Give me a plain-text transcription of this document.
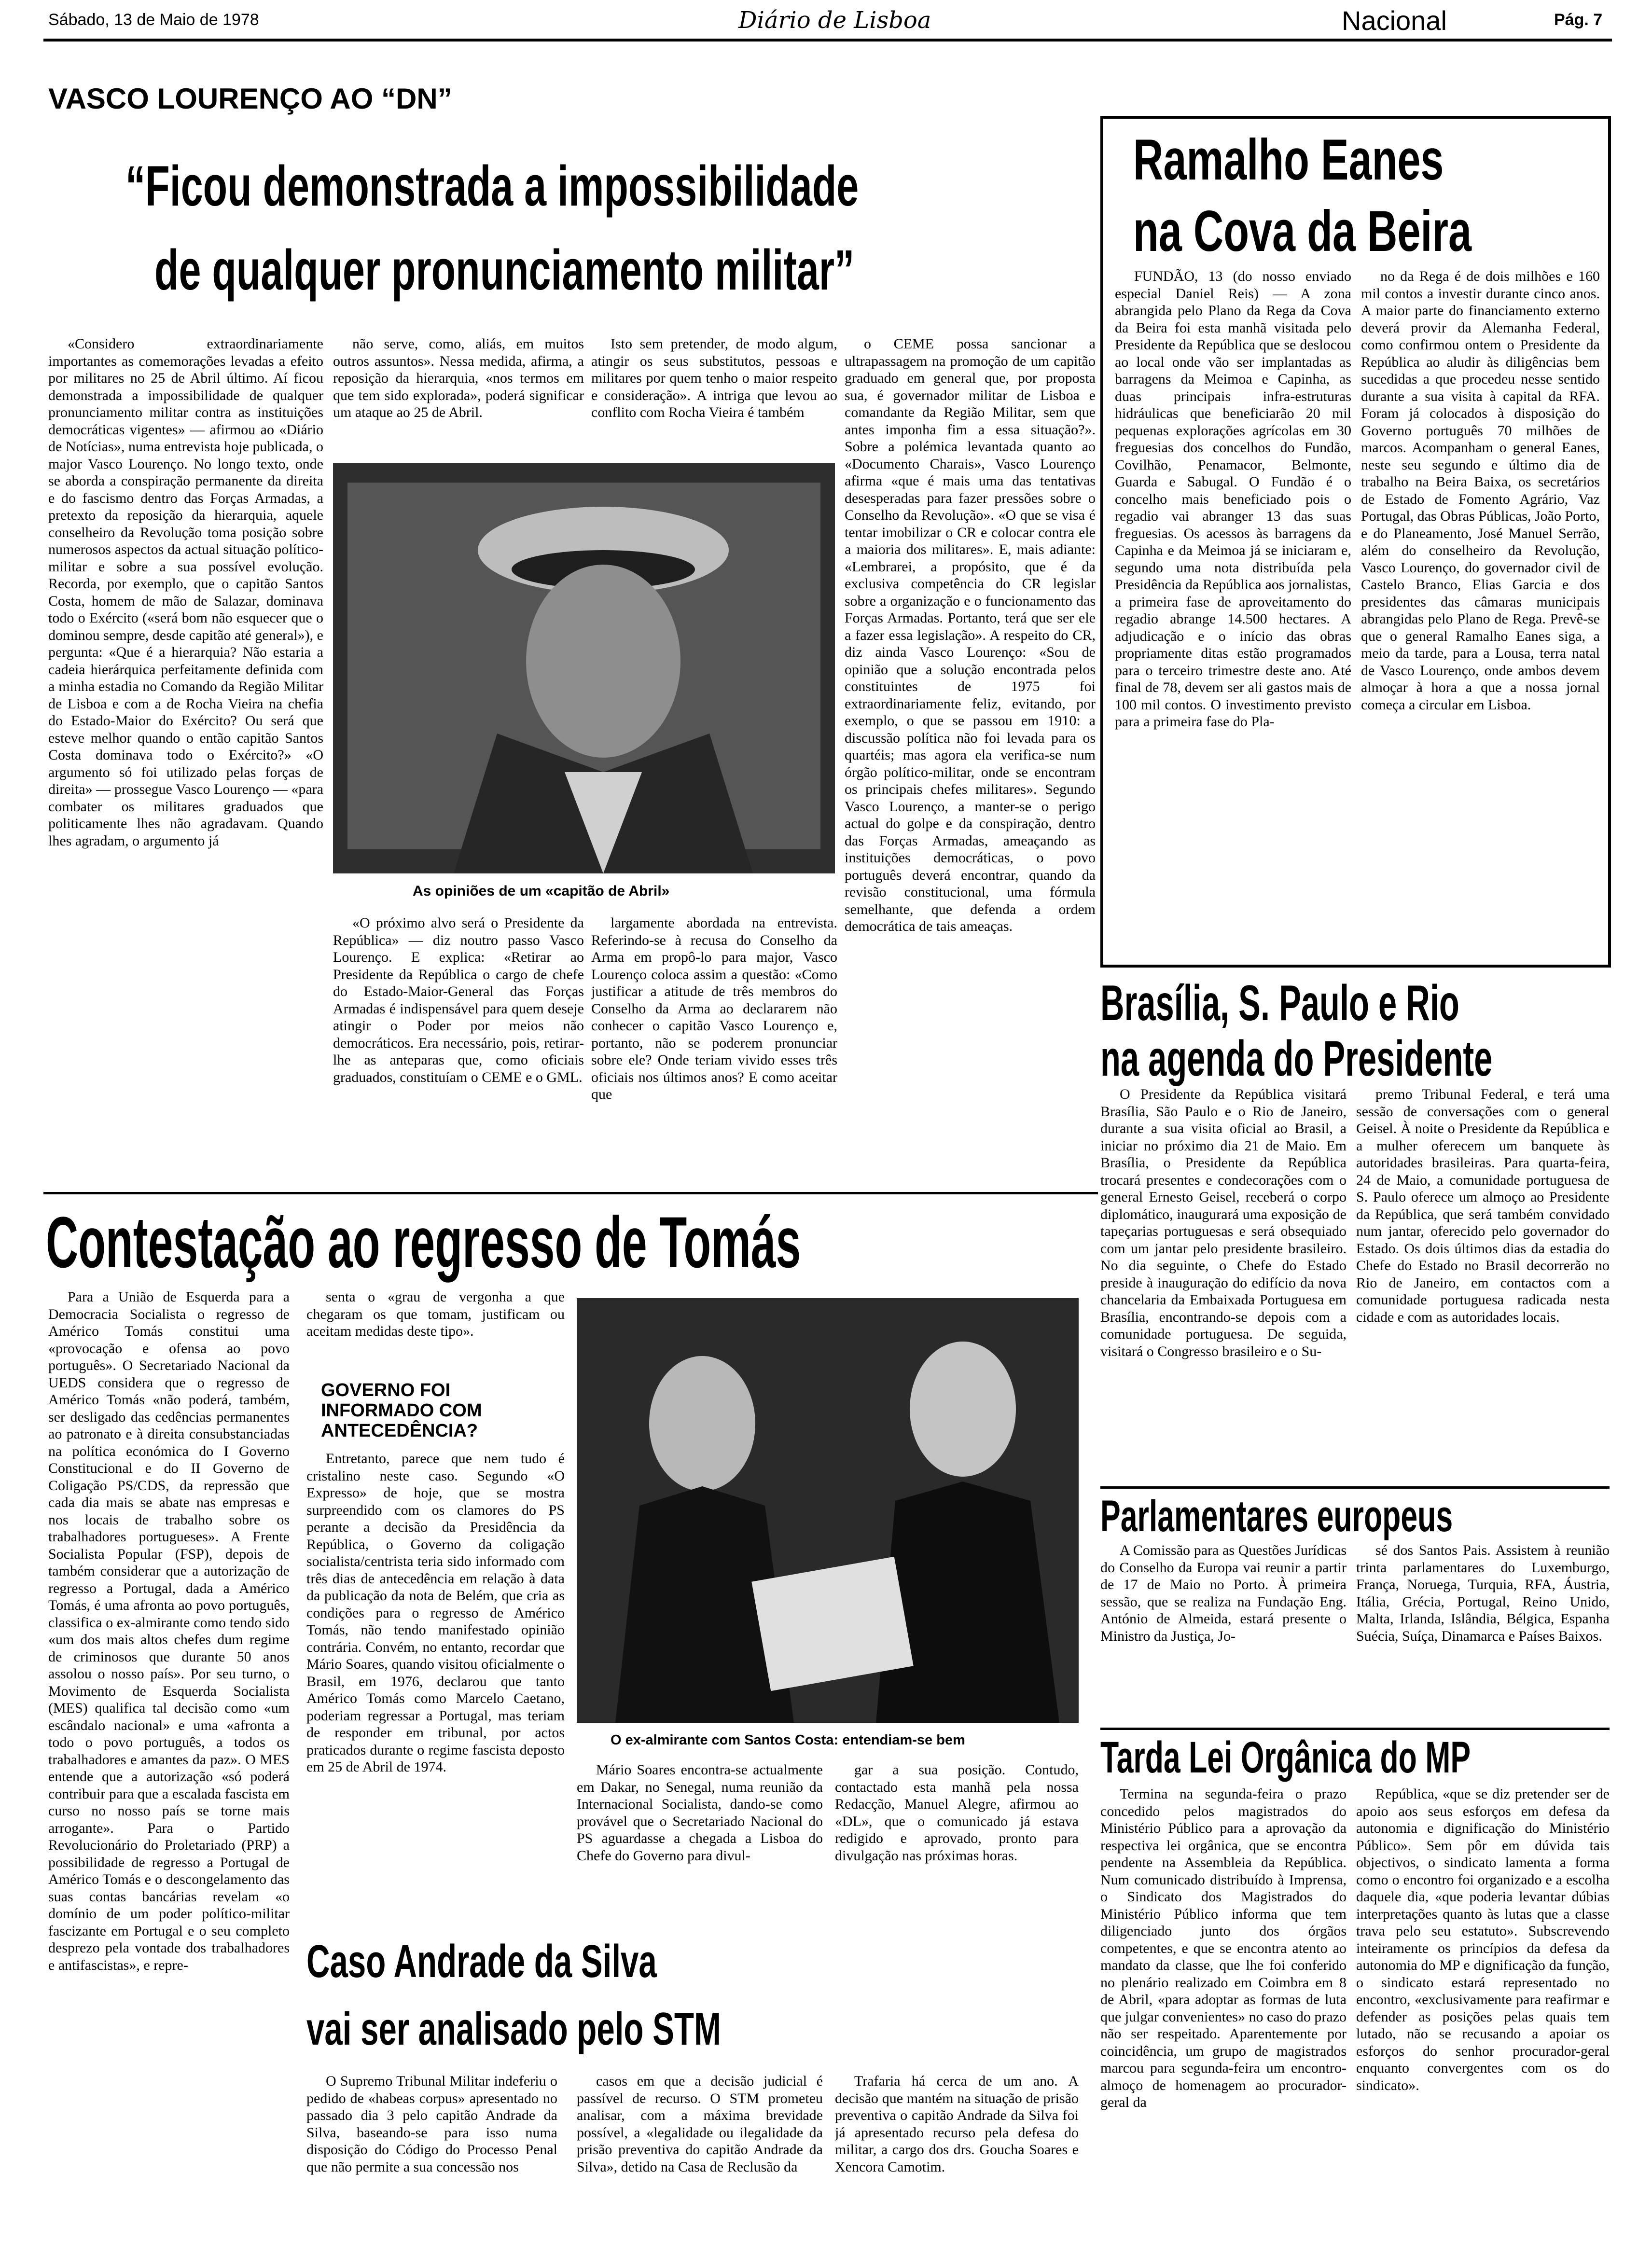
Sábado, 13 de Maio de 1978	Diário de Lisboa	Nacional	Pág. 7
VASCO LOURENÇO AO “DN”
“Ficou demonstrada a impossibilidade
de qualquer pronunciamento militar”

«Considero extraordinariamente importantes as comemorações levadas a efeito por militares no 25 de Abril último. Aí ficou demonstrada a impossibilidade de qualquer pronunciamento militar contra as instituições democráticas vigentes» — afirmou ao «Diário de Notícias», numa entrevista hoje publicada, o major Vasco Lourenço. No longo texto, onde se aborda a conspiração permanente da direita e do fascismo dentro das Forças Armadas, a pretexto da reposição da hierarquia, aquele conselheiro da Revolução toma posição sobre numerosos aspectos da actual situação político-militar e sobre a sua possível evolução. Recorda, por exemplo, que o capitão Santos Costa, homem de mão de Salazar, dominava todo o Exército («será bom não esquecer que o dominou sempre, desde capitão até general»), e pergunta: «Que é a hierarquia? Não estaria a cadeia hierárquica perfeitamente definida com a minha estadia no Comando da Região Militar de Lisboa e com a de Rocha Vieira na chefia do Estado-Maior do Exército? Ou será que esteve melhor quando o então capitão Santos Costa dominava todo o Exército?» «O argumento só foi utilizado pelas forças de direita» — prossegue Vasco Lourenço — «para combater os militares graduados que politicamente lhes não agradavam. Quando lhes agradam, o argumento já

não serve, como, aliás, em muitos outros assuntos». Nessa medida, afirma, a reposição da hierarquia, «nos termos em que tem sido explorada», poderá significar um ataque ao 25 de Abril.

Isto sem pretender, de modo algum, atingir os seus substitutos, pessoas e militares por quem tenho o maior respeito e consideração». A intriga que levou ao conflito com Rocha Vieira é também

As opiniões de um «capitão de Abril»

«O próximo alvo será o Presidente da República» — diz noutro passo Vasco Lourenço. E explica: «Retirar ao Presidente da República o cargo de chefe do Estado-Maior-General das Forças Armadas é indispensável para quem deseje atingir o Poder por meios não democráticos. Era necessário, pois, retirar-lhe as anteparas que, como oficiais graduados, constituíam o CEME e o GML.

largamente abordada na entrevista. Referindo-se à recusa do Conselho da Arma em propô-lo para major, Vasco Lourenço coloca assim a questão: «Como justificar a atitude de três membros do Conselho da Arma ao declararem não conhecer o capitão Vasco Lourenço e, portanto, não se poderem pronunciar sobre ele? Onde teriam vivido esses três oficiais nos últimos anos? E como aceitar que

o CEME possa sancionar a ultrapassagem na promoção de um capitão graduado em general que, por proposta sua, é governador militar de Lisboa e comandante da Região Militar, sem que antes imponha fim a essa situação?». Sobre a polémica levantada quanto ao «Documento Charais», Vasco Lourenço afirma «que é mais uma das tentativas desesperadas para fazer pressões sobre o Conselho da Revolução». «O que se visa é tentar imobilizar o CR e colocar contra ele a maioria dos militares». E, mais adiante: «Lembrarei, a propósito, que é da exclusiva competência do CR legislar sobre a organização e o funcionamento das Forças Armadas. Portanto, terá que ser ele a fazer essa legislação». A respeito do CR, diz ainda Vasco Lourenço: «Sou de opinião que a solução encontrada pelos constituintes de 1975 foi extraordinariamente feliz, evitando, por exemplo, o que se passou em 1910: a discussão política não foi levada para os quartéis; mas agora ela verifica-se num órgão político-militar, onde se encontram os principais chefes militares». Segundo Vasco Lourenço, a manter-se o perigo actual do golpe e da conspiração, dentro das Forças Armadas, ameaçando as instituições democráticas, o povo português deverá encontrar, quando da revisão constitucional, uma fórmula semelhante, que defenda a ordem democrática de tais ameaças.

Ramalho Eanes
na Cova da Beira

FUNDÃO, 13 (do nosso enviado especial Daniel Reis) — A zona abrangida pelo Plano da Rega da Cova da Beira foi esta manhã visitada pelo Presidente da República que se deslocou ao local onde vão ser implantadas as barragens da Meimoa e Capinha, as duas principais infra-estruturas hidráulicas que beneficiarão 20 mil pequenas explorações agrícolas em 30 freguesias dos concelhos do Fundão, Covilhão, Penamacor, Belmonte, Guarda e Sabugal. O Fundão é o concelho mais beneficiado pois o regadio vai abranger 13 das suas freguesias. Os acessos às barragens da Capinha e da Meimoa já se iniciaram e, segundo uma nota distribuída pela Presidência da República aos jornalistas, a primeira fase de aproveitamento do regadio abrange 14.500 hectares. A adjudicação e o início das obras propriamente ditas estão programados para o terceiro trimestre deste ano. Até final de 78, devem ser ali gastos mais de 100 mil contos. O investimento previsto para a primeira fase do Pla-

no da Rega é de dois milhões e 160 mil contos a investir durante cinco anos. A maior parte do financiamento externo deverá provir da Alemanha Federal, como confirmou ontem o Presidente da República ao aludir às diligências bem sucedidas a que procedeu nesse sentido durante a sua visita à capital da RFA. Foram já colocados à disposição do Governo português 70 milhões de marcos. Acompanham o general Eanes, neste seu segundo e último dia de trabalho na Beira Baixa, os secretários de Estado de Fomento Agrário, Vaz Portugal, das Obras Públicas, João Porto, e do Planeamento, José Manuel Serrão, além do conselheiro da Revolução, Vasco Lourenço, do governador civil de Castelo Branco, Elias Garcia e dos presidentes das câmaras municipais abrangidas pelo Plano de Rega. Prevê-se que o general Ramalho Eanes siga, a meio da tarde, para a Lousa, terra natal de Vasco Lourenço, onde ambos devem almoçar à hora a que a nossa jornal começa a circular em Lisboa.

Brasília, S. Paulo e Rio
na agenda do Presidente

O Presidente da República visitará Brasília, São Paulo e o Rio de Janeiro, durante a sua visita oficial ao Brasil, a iniciar no próximo dia 21 de Maio. Em Brasília, o Presidente da República trocará presentes e condecorações com o general Ernesto Geisel, receberá o corpo diplomático, inaugurará uma exposição de tapeçarias portuguesas e será obsequiado com um jantar pelo presidente brasileiro. No dia seguinte, o Chefe do Estado preside à inauguração do edifício da nova chancelaria da Embaixada Portuguesa em Brasília, encontrando-se depois com a comunidade portuguesa. De seguida, visitará o Congresso brasileiro e o Su-

premo Tribunal Federal, e terá uma sessão de conversações com o general Geisel. À noite o Presidente da República e a mulher oferecem um banquete às autoridades brasileiras. Para quarta-feira, 24 de Maio, a comunidade portuguesa de S. Paulo oferece um almoço ao Presidente da República, que será também convidado num jantar, oferecido pelo governador do Estado. Os dois últimos dias da estadia do Chefe do Estado no Brasil decorrerão no Rio de Janeiro, em contactos com a comunidade portuguesa radicada nesta cidade e com as autoridades locais.

Contestação ao regresso de Tomás

Para a União de Esquerda para a Democracia Socialista o regresso de Américo Tomás constitui uma «provocação e ofensa ao povo português». O Secretariado Nacional da UEDS considera que o regresso de Américo Tomás «não poderá, também, ser desligado das cedências permanentes ao patronato e à direita consubstanciadas na política económica do I Governo Constitucional e do II Governo de Coligação PS/CDS, da repressão que cada dia mais se abate nas empresas e nos locais de trabalho sobre os trabalhadores portugueses». A Frente Socialista Popular (FSP), depois de também considerar que a autorização de regresso a Portugal, dada a Américo Tomás, é uma afronta ao povo português, classifica o ex-almirante como tendo sido «um dos mais altos chefes dum regime de criminosos que durante 50 anos assolou o nosso país». Por seu turno, o Movimento de Esquerda Socialista (MES) qualifica tal decisão como «um escândalo nacional» e uma «afronta a todo o povo português, a todos os trabalhadores e amantes da paz». O MES entende que a autorização «só poderá contribuir para que a escalada fascista em curso no nosso país se torne mais arrogante». Para o Partido Revolucionário do Proletariado (PRP) a possibilidade de regresso a Portugal de Américo Tomás e o descongelamento das suas contas bancárias revelam «o domínio de um poder político-militar fascizante em Portugal e o seu completo desprezo pela vontade dos trabalhadores e antifascistas», e repre-

senta o «grau de vergonha a que chegaram os que tomam, justificam ou aceitam medidas deste tipo».

GOVERNO FOI INFORMADO COM ANTECEDÊNCIA?

Entretanto, parece que nem tudo é cristalino neste caso. Segundo «O Expresso» de hoje, que se mostra surpreendido com os clamores do PS perante a decisão da Presidência da República, o Governo da coligação socialista/centrista teria sido informado com três dias de antecedência em relação à data da publicação da nota de Belém, que cria as condições para o regresso de Américo Tomás, não tendo manifestado opinião contrária. Convém, no entanto, recordar que Mário Soares, quando visitou oficialmente o Brasil, em 1976, declarou que tanto Américo Tomás como Marcelo Caetano, poderiam regressar a Portugal, mas teriam de responder em tribunal, por actos praticados durante o regime fascista deposto em 25 de Abril de 1974.

O ex-almirante com Santos Costa: entendiam-se bem

Mário Soares encontra-se actualmente em Dakar, no Senegal, numa reunião da Internacional Socialista, dando-se como provável que o Secretariado Nacional do PS aguardasse a chegada a Lisboa do Chefe do Governo para divul-

gar a sua posição. Contudo, contactado esta manhã pela nossa Redacção, Manuel Alegre, afirmou ao «DL», que o comunicado já estava redigido e aprovado, pronto para divulgação nas próximas horas.

Caso Andrade da Silva
vai ser analisado pelo STM

O Supremo Tribunal Militar indeferiu o pedido de «habeas corpus» apresentado no passado dia 3 pelo capitão Andrade da Silva, baseando-se para isso numa disposição do Código do Processo Penal que não permite a sua concessão nos

casos em que a decisão judicial é passível de recurso. O STM prometeu analisar, com a máxima brevidade possível, a «legalidade ou ilegalidade da prisão preventiva do capitão Andrade da Silva», detido na Casa de Reclusão da

Trafaria há cerca de um ano. A decisão que mantém na situação de prisão preventiva o capitão Andrade da Silva foi já apresentado recurso pela defesa do militar, a cargo dos drs. Goucha Soares e Xencora Camotim.

Parlamentares europeus

A Comissão para as Questões Jurídicas do Conselho da Europa vai reunir a partir de 17 de Maio no Porto. À primeira sessão, que se realiza na Fundação Eng. António de Almeida, estará presente o Ministro da Justiça, Jo-

sé dos Santos Pais. Assistem à reunião trinta parlamentares do Luxemburgo, França, Noruega, Turquia, RFA, Áustria, Itália, Grécia, Portugal, Reino Unido, Malta, Irlanda, Islândia, Bélgica, Espanha Suécia, Suíça, Dinamarca e Países Baixos.

Tarda Lei Orgânica do MP

Termina na segunda-feira o prazo concedido pelos magistrados do Ministério Público para a aprovação da respectiva lei orgânica, que se encontra pendente na Assembleia da República. Num comunicado distribuído à Imprensa, o Sindicato dos Magistrados do Ministério Público informa que tem diligenciado junto dos órgãos competentes, e que se encontra atento ao mandato da classe, que lhe foi conferido no plenário realizado em Coimbra em 8 de Abril, «para adoptar as formas de luta que julgar convenientes» no caso do prazo não ser respeitado. Aparentemente por coincidência, um grupo de magistrados marcou para segunda-feira um encontro-almoço de homenagem ao procurador-geral da

República, «que se diz pretender ser de apoio aos seus esforços em defesa da autonomia e dignificação do Ministério Público». Sem pôr em dúvida tais objectivos, o sindicato lamenta a forma como o encontro foi organizado e a escolha daquele dia, «que poderia levantar dúbias interpretações quanto às lutas que a classe trava pelo seu estatuto». Subscrevendo inteiramente os princípios da defesa da autonomia do MP e dignificação da função, o sindicato estará representado no encontro, «exclusivamente para reafirmar e defender as posições pelas quais tem lutado, não se recusando a apoiar os esforços do senhor procurador-geral enquanto convergentes com os do sindicato».
